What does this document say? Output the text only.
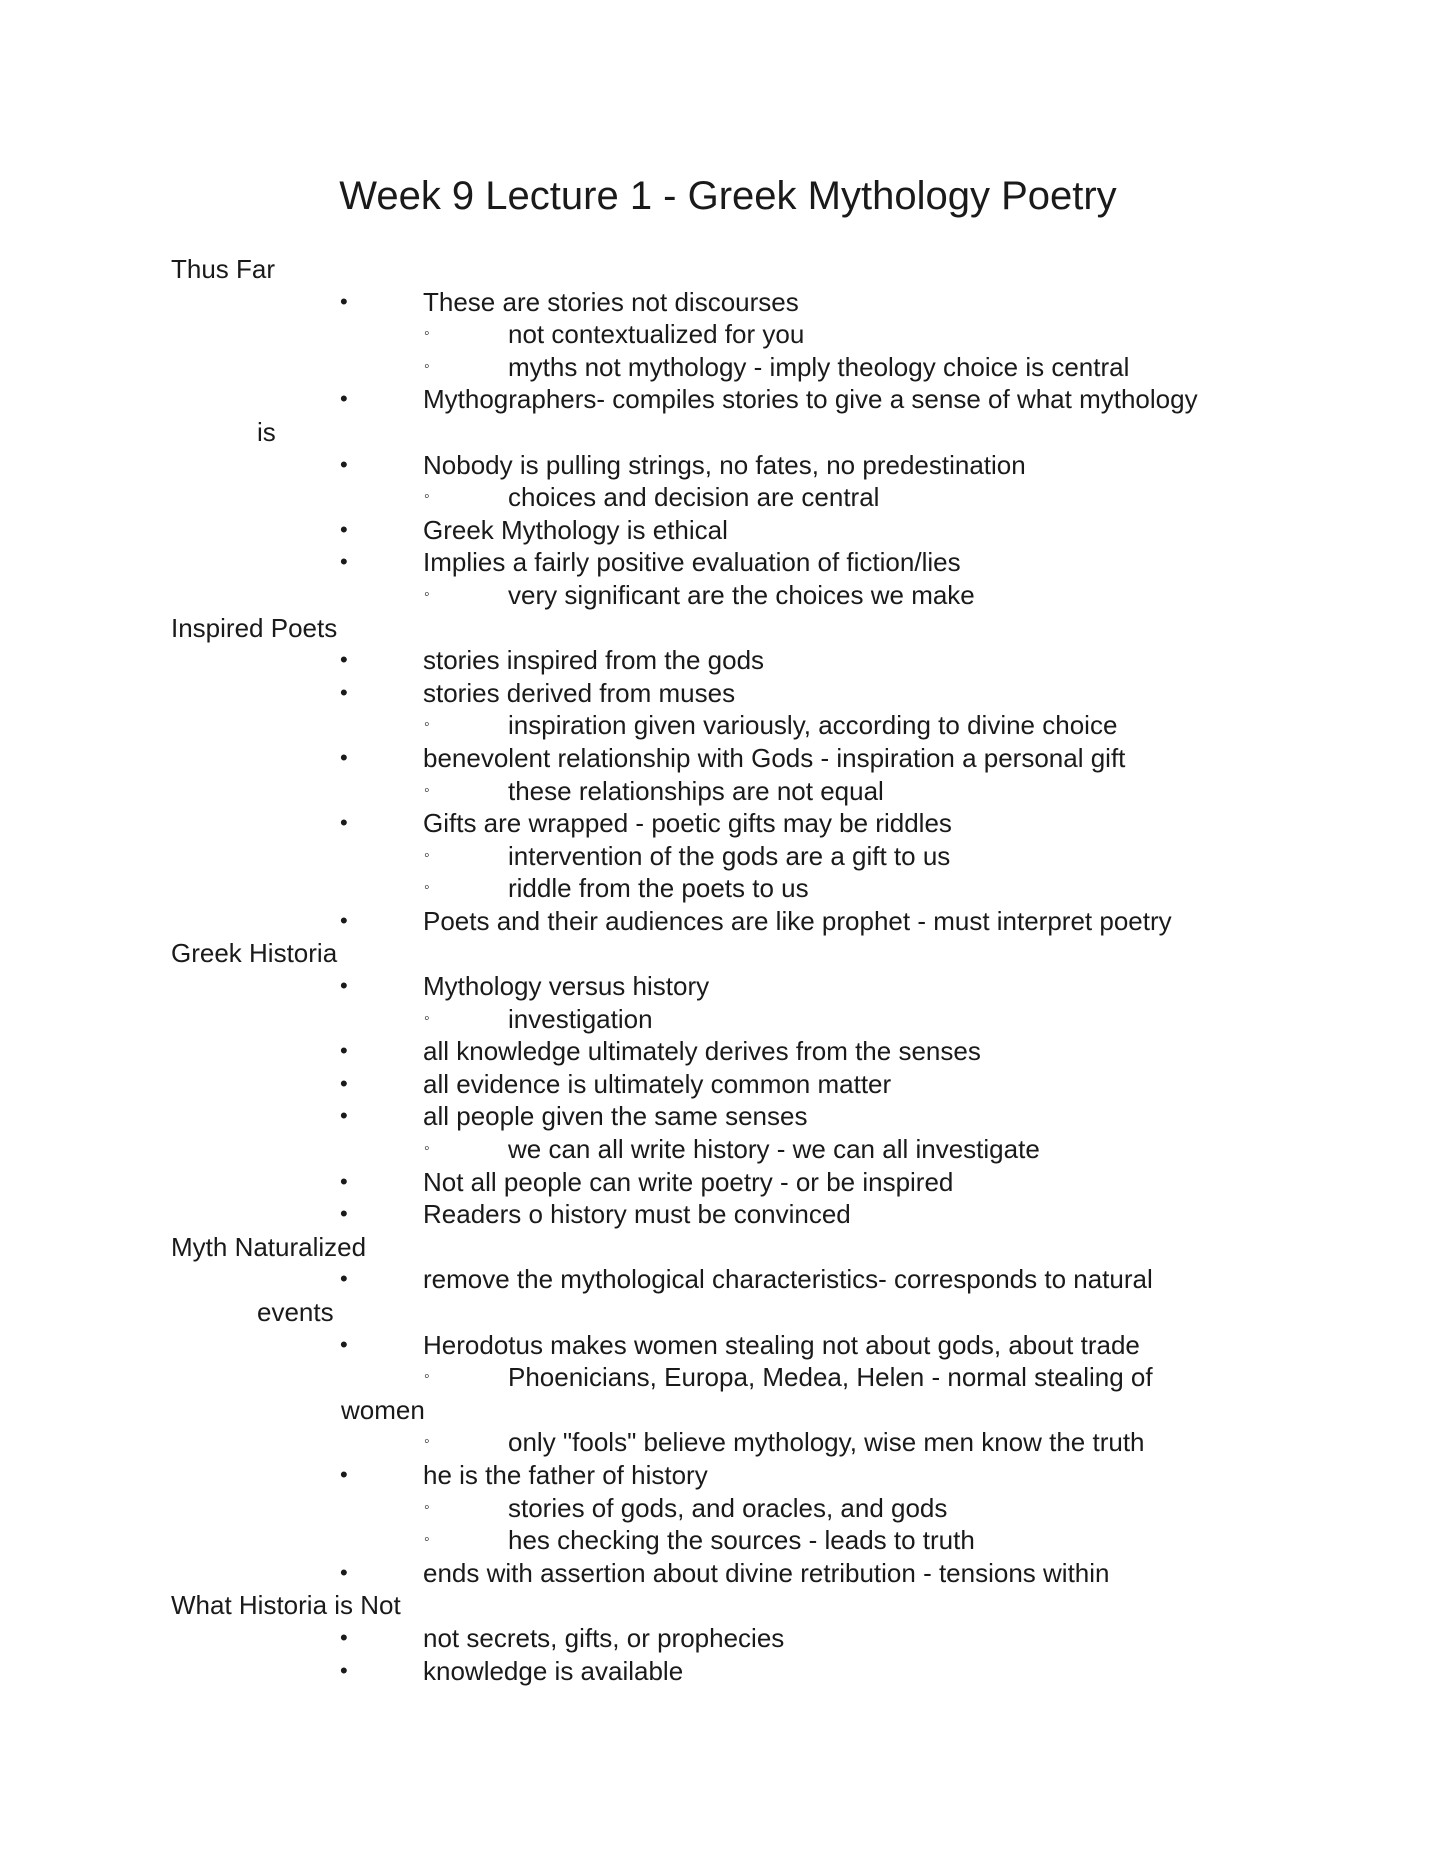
Week 9 Lecture 1 - Greek Mythology Poetry
Thus Far
•	These are stories not discourses
◦	not contextualized for you
◦	myths not mythology - imply theology choice is central
•	Mythographers- compiles stories to give a sense of what mythology
is
•	Nobody is pulling strings, no fates, no predestination
◦	choices and decision are central
•	Greek Mythology is ethical
•	Implies a fairly positive evaluation of fiction/lies
◦	very significant are the choices we make
Inspired Poets
•	stories inspired from the gods
•	stories derived from muses
◦	inspiration given variously, according to divine choice
•	benevolent relationship with Gods - inspiration a personal gift
◦	these relationships are not equal
•	Gifts are wrapped - poetic gifts may be riddles
◦	intervention of the gods are a gift to us
◦	riddle from the poets to us
•	Poets and their audiences are like prophet - must interpret poetry
Greek Historia
•	Mythology versus history
◦	investigation
•	all knowledge ultimately derives from the senses
•	all evidence is ultimately common matter
•	all people given the same senses
◦	we can all write history - we can all investigate
•	Not all people can write poetry - or be inspired
•	Readers o history must be convinced
Myth Naturalized
•	remove the mythological characteristics- corresponds to natural
events
•	Herodotus makes women stealing not about gods, about trade
◦	Phoenicians, Europa, Medea, Helen - normal stealing of
women
◦	only "fools" believe mythology, wise men know the truth
•	he is the father of history
◦	stories of gods, and oracles, and gods
◦	hes checking the sources - leads to truth
•	ends with assertion about divine retribution - tensions within
What Historia is Not
•	not secrets, gifts, or prophecies
•	knowledge is available
